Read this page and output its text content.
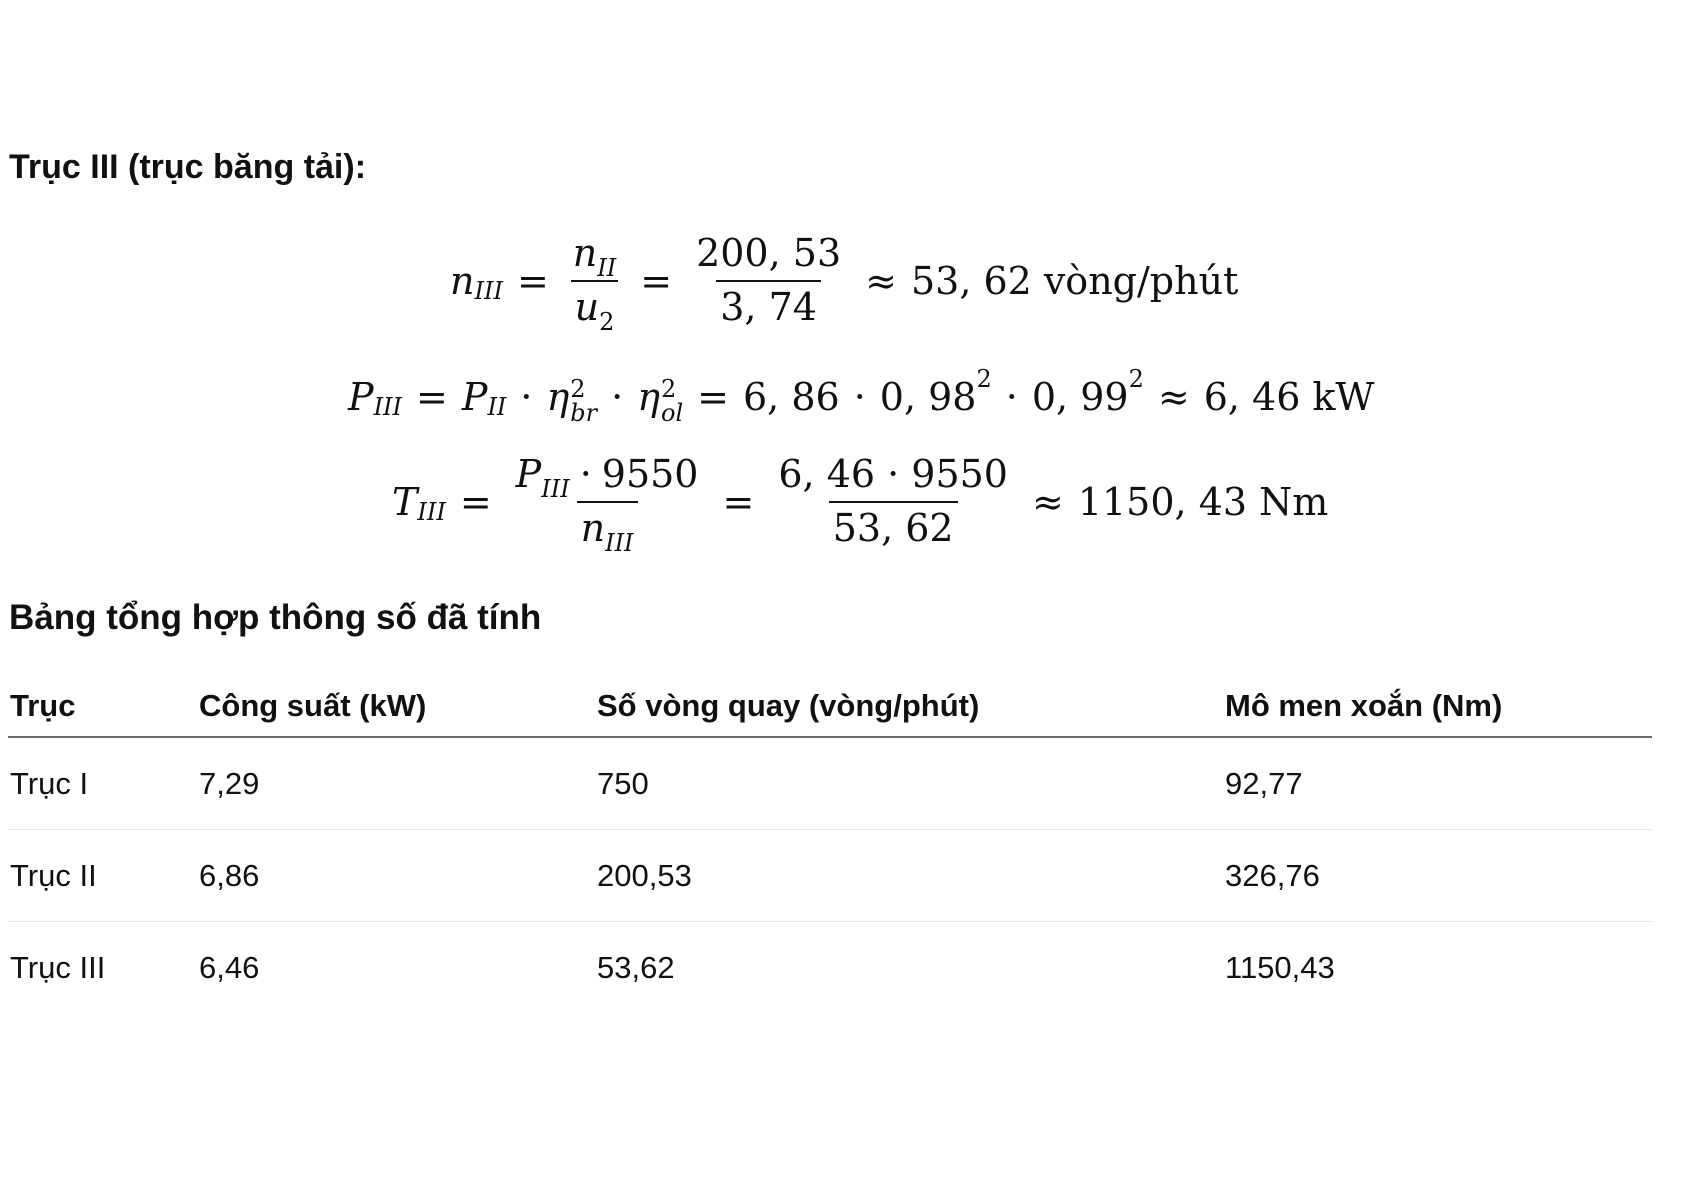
Trục III (trục băng tải):
n III = $\frac{n_{II}}{u_2} = \frac{200, 53}{3, 74} \approx 53$, 62 vòng/phút
P III = P II · η 2
br · η 2
ol = 6, 86 · 0, 98 2 · 0, 99 2 ≈ 6, 46 kW
T III = $\frac{P_{III} \cdot 9550}{n_{III}} = \frac{6, 46 \cdot 9550}{53, 62} \approx 1150$, 43 Nm
Bảng tổng hợp thông số đã tính
Trục	Công suất (kW)	Số vòng quay (vòng/phút)	Mô men xoắn (Nm)
Trục I	7,29	750	92,77
Trục II	6,86	200,53	326,76
Trục III	6,46	53,62	1150,43
